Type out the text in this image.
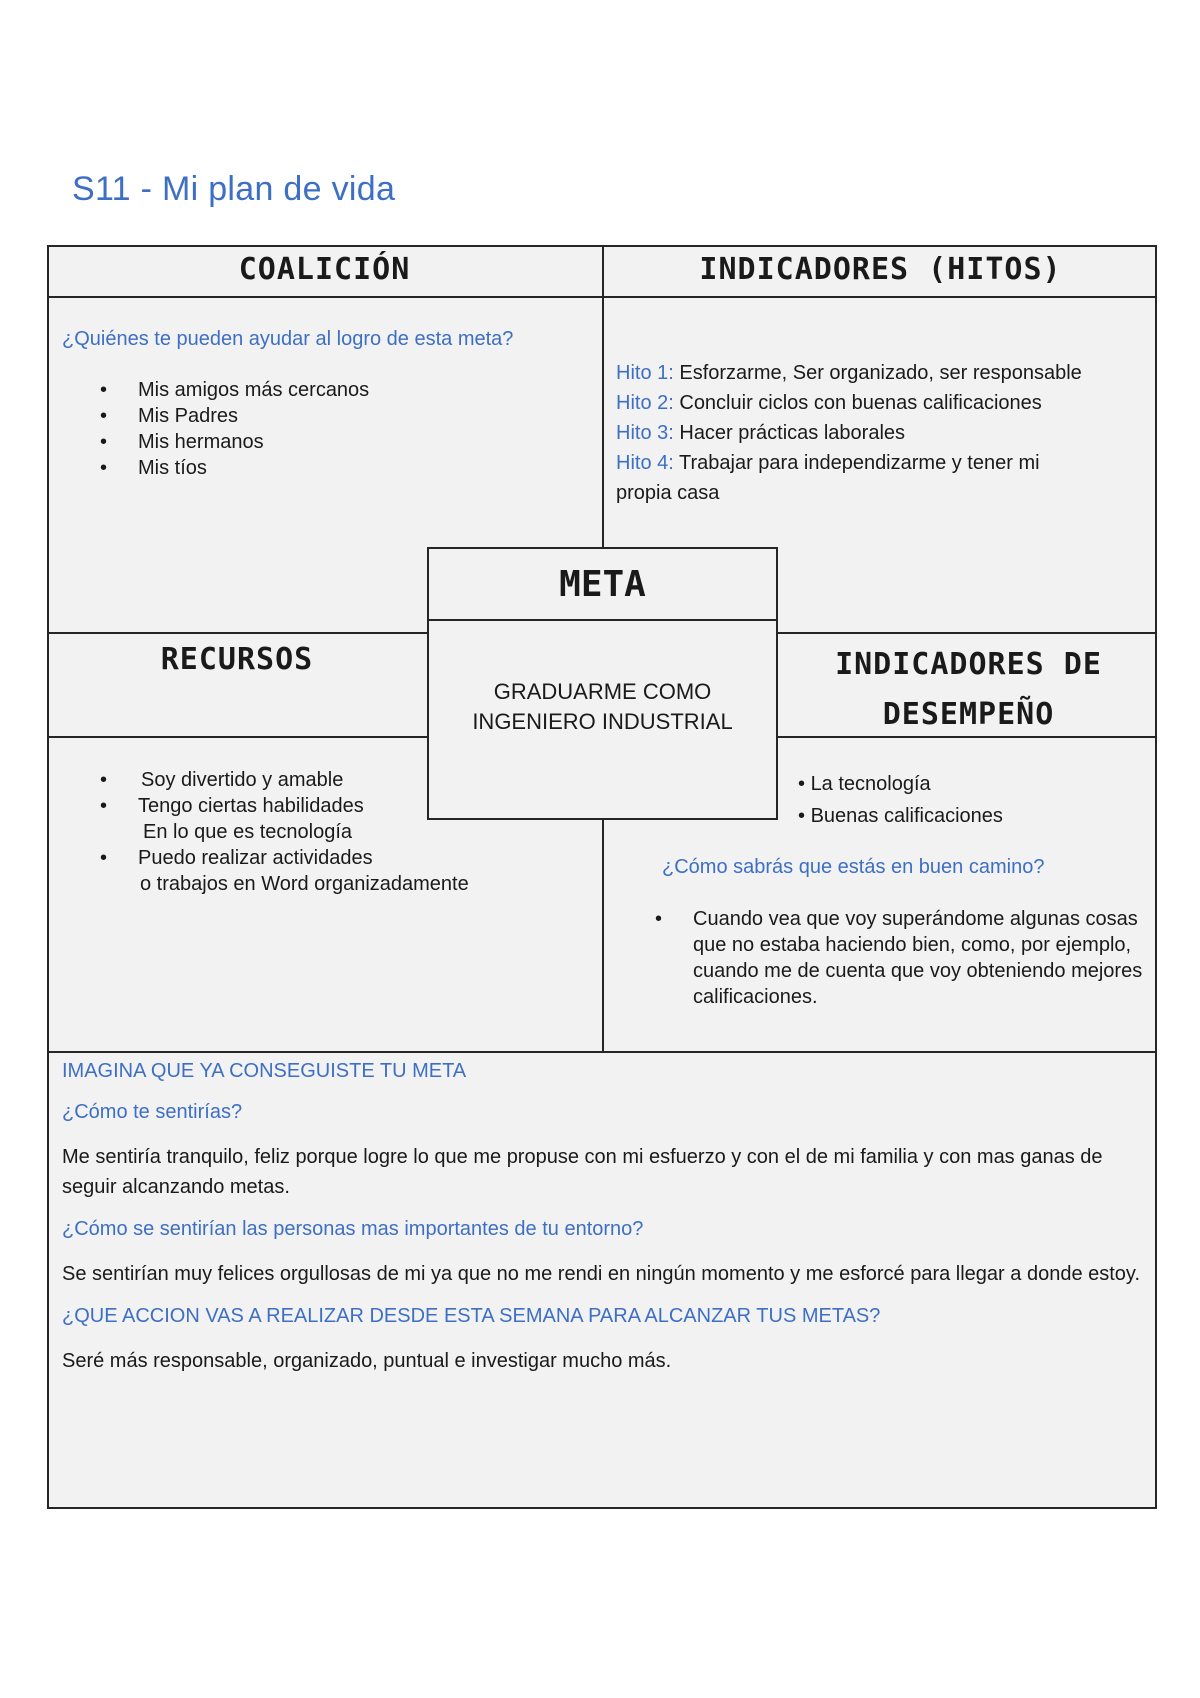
S11 - Mi plan de vida
COALICIÓN
¿Quiénes te pueden ayudar al logro de esta meta?
• Mis amigos más cercanos
• Mis Padres
• Mis hermanos
• Mis tíos
INDICADORES (HITOS)
Hito 1: Esforzarme, Ser organizado, ser responsable
Hito 2: Concluir ciclos con buenas calificaciones
Hito 3: Hacer prácticas laborales
Hito 4: Trabajar para independizarme y tener mi propia casa
RECURSOS
• Soy divertido y amable
• Tengo ciertas habilidades
En lo que es tecnología
• Puedo realizar actividades
o trabajos en Word organizadamente
META
GRADUARME COMO
INGENIERO INDUSTRIAL
INDICADORES DE
DESEMPEÑO
• La tecnología
• Buenas calificaciones
¿Cómo sabrás que estás en buen camino?
• Cuando vea que voy superándome algunas cosas que no estaba haciendo bien, como, por ejemplo, cuando me de cuenta que voy obteniendo mejores calificaciones.
IMAGINA QUE YA CONSEGUISTE TU META
¿Cómo te sentirías?
Me sentiría tranquilo, feliz porque logre lo que me propuse con mi esfuerzo y con el de mi familia y con mas ganas de seguir alcanzando metas.
¿Cómo se sentirían las personas mas importantes de tu entorno?
Se sentirían muy felices orgullosas de mi ya que no me rendi en ningún momento y me esforcé para llegar a donde estoy.
¿QUE ACCION VAS A REALIZAR DESDE ESTA SEMANA PARA ALCANZAR TUS METAS?
Seré más responsable, organizado, puntual e investigar mucho más.
